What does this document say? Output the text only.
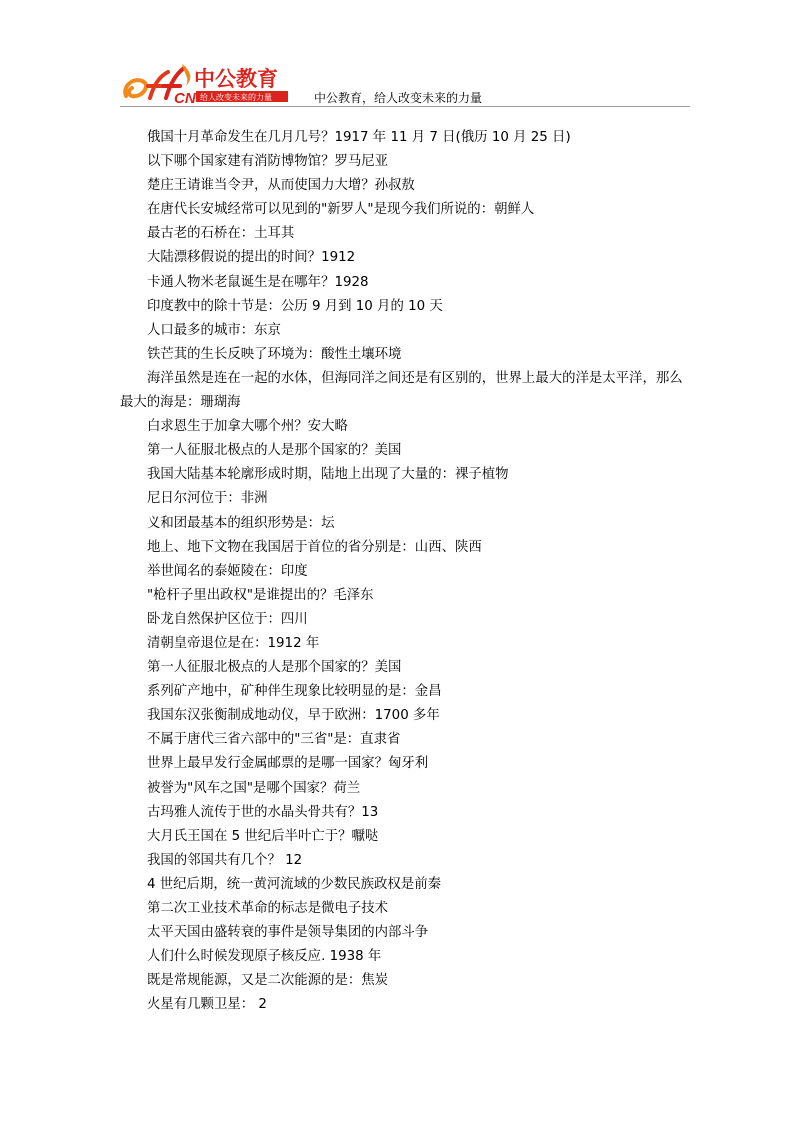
CN
中公教育
给人改变未来的力量	中公教育，给人改变未来的力量

俄国十月革命发生在几月几号？1917 年 11 月 7 日(俄历 10 月 25 日)

以下哪个国家建有消防博物馆？罗马尼亚

楚庄王请谁当令尹，从而使国力大增？孙叔敖

在唐代长安城经常可以见到的"新罗人"是现今我们所说的：朝鲜人

最古老的石桥在：土耳其

大陆漂移假说的提出的时间？1912

卡通人物米老鼠诞生是在哪年？1928

印度教中的除十节是：公历 9 月到 10 月的 10 天

人口最多的城市：东京

铁芒萁的生长反映了环境为：酸性土壤环境

海洋虽然是连在一起的水体，但海同洋之间还是有区别的，世界上最大的洋是太平洋，那么最大的海是：珊瑚海

白求恩生于加拿大哪个州？安大略

第一人征服北极点的人是那个国家的？美国

我国大陆基本轮廓形成时期，陆地上出现了大量的：裸子植物

尼日尔河位于：非洲

义和团最基本的组织形势是：坛

地上、地下文物在我国居于首位的省分别是：山西、陕西

举世闻名的泰姬陵在：印度

"枪杆子里出政权"是谁提出的？毛泽东

卧龙自然保护区位于：四川

清朝皇帝退位是在：1912 年

第一人征服北极点的人是那个国家的？美国

系列矿产地中，矿种伴生现象比较明显的是：金昌

我国东汉张衡制成地动仪，早于欧洲：1700 多年

不属于唐代三省六部中的"三省"是：直隶省

世界上最早发行金属邮票的是哪一国家？匈牙利

被誉为"风车之国"是哪个国家？荷兰

古玛雅人流传于世的水晶头骨共有？13

大月氏王国在 5 世纪后半叶亡于？嚈哒

我国的邻国共有几个？ 12

4 世纪后期，统一黄河流域的少数民族政权是前秦

第二次工业技术革命的标志是微电子技术

太平天国由盛转衰的事件是领导集团的内部斗争

人们什么时候发现原子核反应. 1938 年

既是常规能源，又是二次能源的是：焦炭

火星有几颗卫星： 2
